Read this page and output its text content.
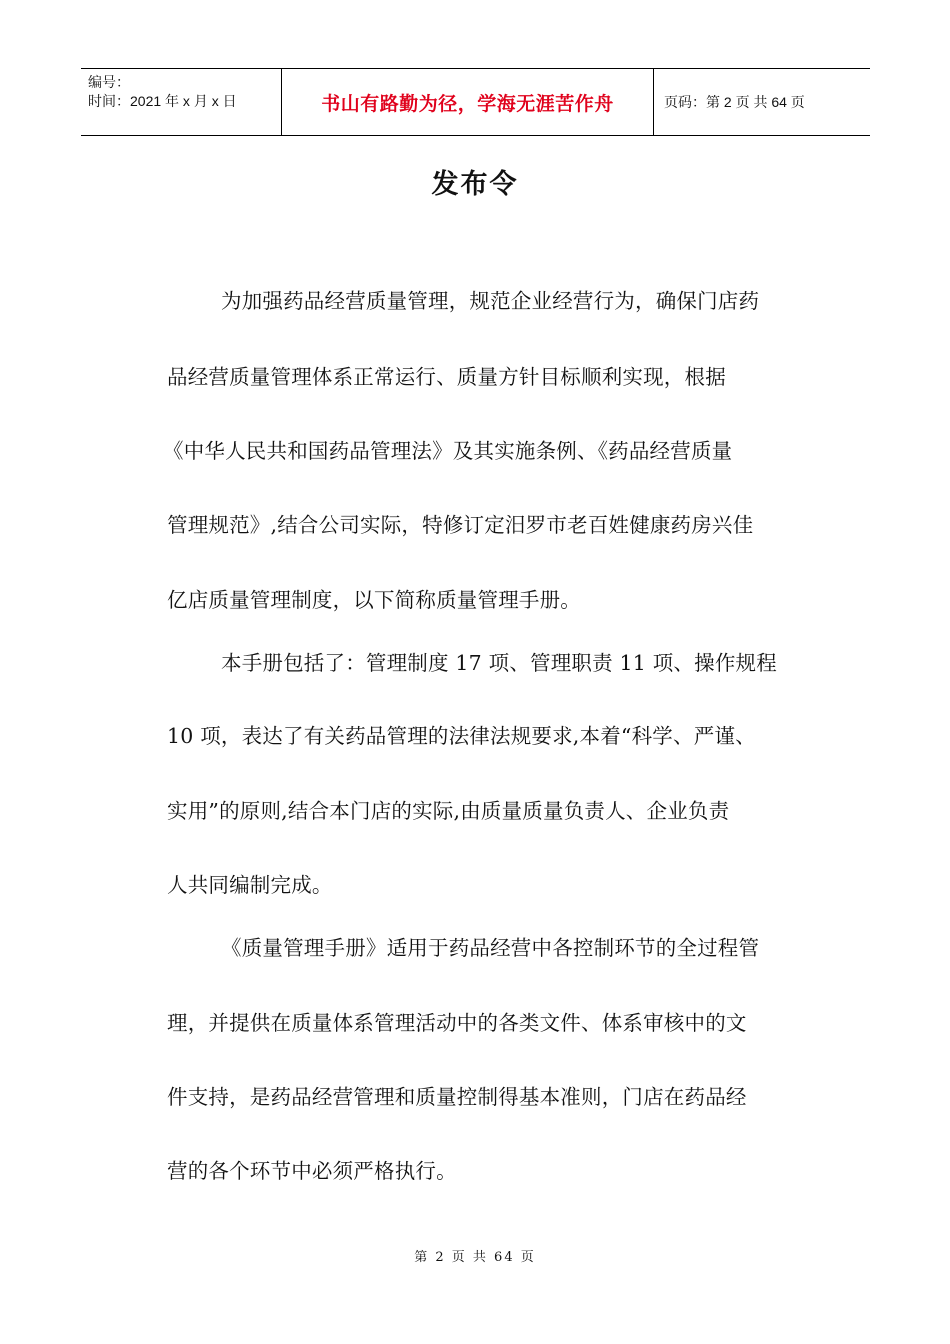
编号：
时间：2021 年 x 月 x 日	书山有路勤为径，学海无涯苦作舟	页码：第 2 页 共 64 页
发布令
为加强药品经营质量管理，规范企业经营行为，确保门店药
品经营质量管理体系正常运行、质量方针目标顺利实现，根据
《中华人民共和国药品管理法》及其实施条例、《药品经营质量
管理规范》,结合公司实际，特修订定汨罗市老百姓健康药房兴佳
亿店质量管理制度，以下简称质量管理手册。
本手册包括了：管理制度 17 项、管理职责 11 项、操作规程
10 项，表达了有关药品管理的法律法规要求,本着“科学、严谨、
实用”的原则,结合本门店的实际,由质量质量负责人、企业负责
人共同编制完成。
《质量管理手册》适用于药品经营中各控制环节的全过程管
理，并提供在质量体系管理活动中的各类文件、体系审核中的文
件支持，是药品经营管理和质量控制得基本准则，门店在药品经
营的各个环节中必须严格执行。
第 2 页 共 64 页
